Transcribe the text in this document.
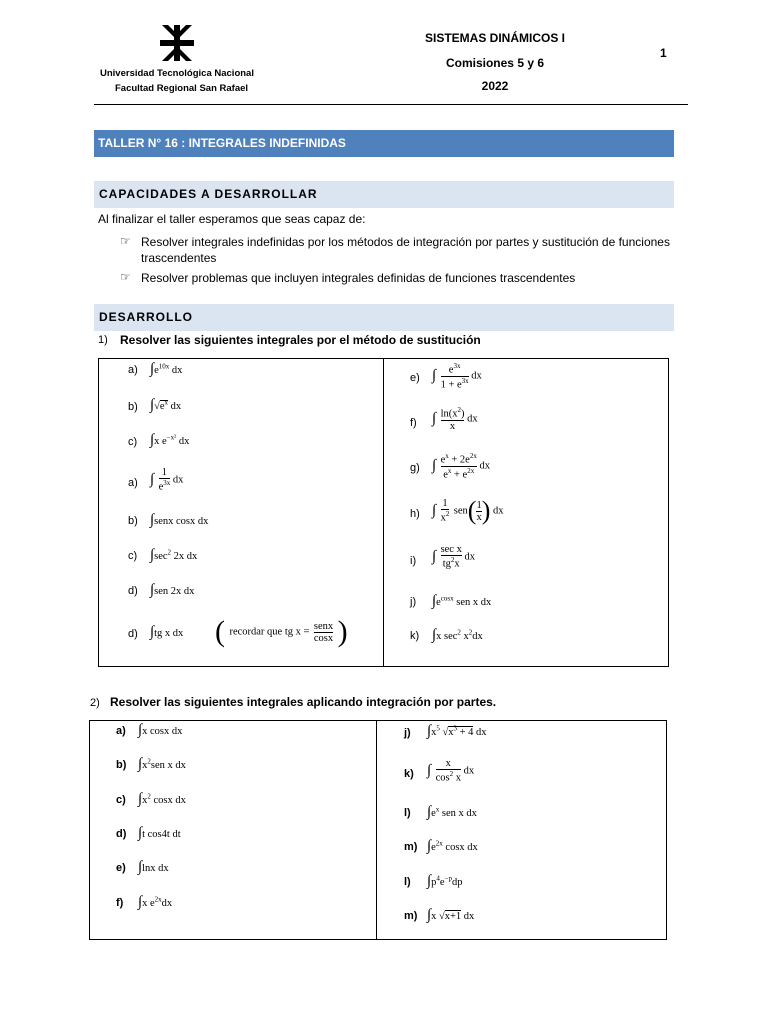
Universidad Tecnológica Nacional
Facultad Regional San Rafael
SISTEMAS DINÁMICOS I
Comisiones 5 y 6
2022
1
TALLER N° 16 : INTEGRALES INDEFINIDAS
CAPACIDADES A DESARROLLAR
Al finalizar el taller esperamos que seas capaz de:
☞ Resolver integrales indefinidas por los métodos de integración por partes y sustitución de funciones trascendentes
☞ Resolver problemas que incluyen integrales definidas de funciones trascendentes
DESARROLLO
1) Resolver las siguientes integrales por el método de sustitución
a) $\int e^{10x}$ dx
b) $\int√e^x$ dx
c) ∫x $e^{-x^2}$ dx
a) ∫ $\frac{1}{e^{3x}}$ dx
b) ∫senx cosx dx
c) $\int\sec^2$ 2x dx
d) ∫sen 2x dx
d) ∫tg x dx ( recordar que tg x =
senx
cosx )
e) ∫ $\frac{e^{3x}}{1 + e^{3x}}$ dx
f) ∫ $\frac{\ln(x^2)}{x}$ dx
g) ∫ $\frac{e^x + 2e^{2x}}{e^x + e^{2x}}$ dx
h) ∫ $\frac{1}{x^2} sen( \frac{1}{x}$ ) dx
i) ∫ sec x
$tg^2x$
dx
j) $\int e^{cosx}$ sen x dx
k) ∫x $\sec^2 x^2dx$
2) Resolver las siguientes integrales aplicando integración por partes.
a) ∫x cosx dx
b) $\int x^2sen$ x dx
c) $\int x^2$ cosx dx
d) ∫t cos4t dt
e) ∫lnx dx
f) ∫x $e^{2x}dx$
j) $\int x^5$ $√x^3 + 4$ dx
k) ∫ $\frac{x}{\cos^2 x}$ dx
l) $\int e^x$ sen x dx
m) $\int e^{2x}$ cosx dx
l) $\int p^4e^{-p}dp$
m) ∫x √x+1 dx
